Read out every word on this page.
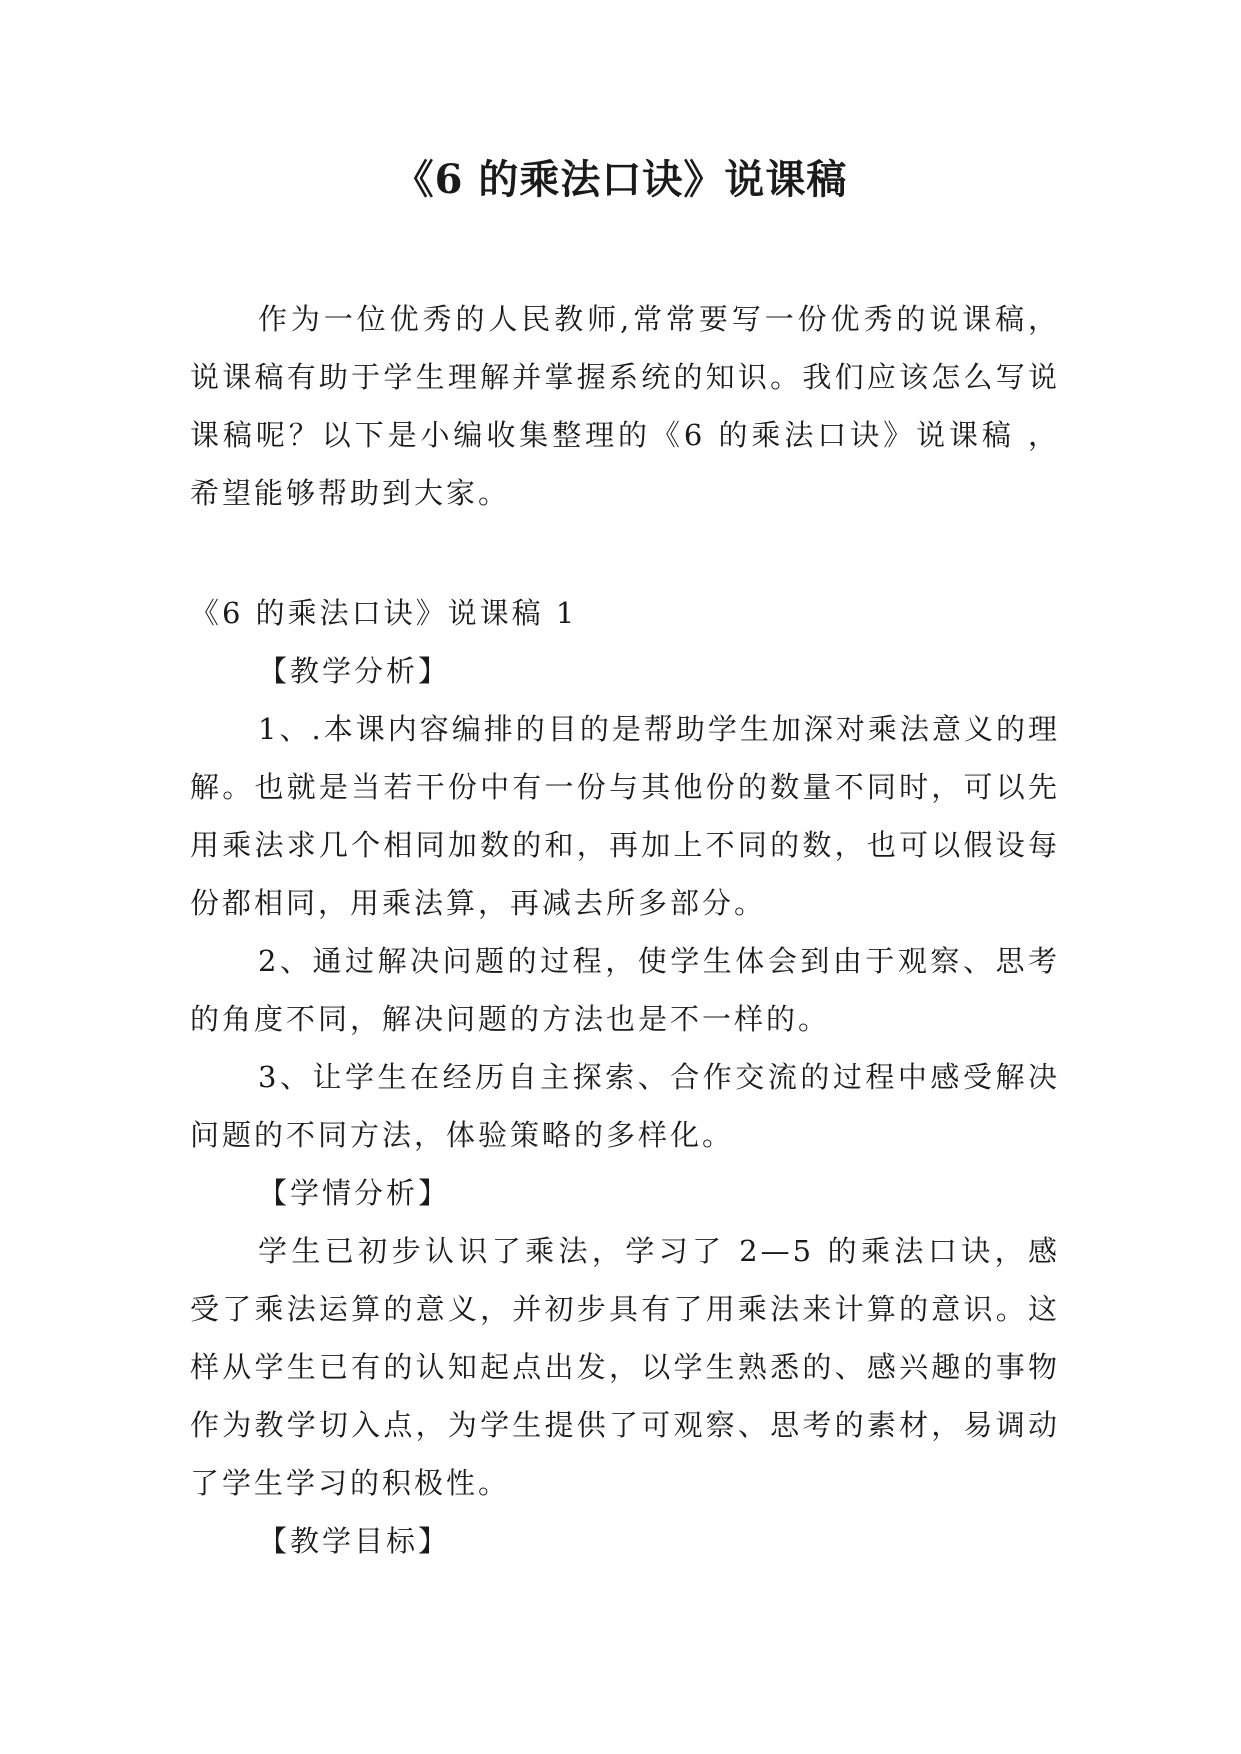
《6 的乘法口诀》说课稿

作为一位优秀的人民教师,常常要写一份优秀的说课稿，说课稿有助于学生理解并掌握系统的知识。我们应该怎么写说课稿呢？以下是小编收集整理的《6 的乘法口诀》说课稿 ，希望能够帮助到大家。

《6 的乘法口诀》说课稿 1

【教学分析】

1、.本课内容编排的目的是帮助学生加深对乘法意义的理解。也就是当若干份中有一份与其他份的数量不同时，可以先用乘法求几个相同加数的和，再加上不同的数，也可以假设每份都相同，用乘法算，再减去所多部分。

2、通过解决问题的过程，使学生体会到由于观察、思考的角度不同，解决问题的方法也是不一样的。

3、让学生在经历自主探索、合作交流的过程中感受解决问题的不同方法，体验策略的多样化。

【学情分析】

学生已初步认识了乘法，学习了 2—5 的乘法口诀，感受了乘法运算的意义，并初步具有了用乘法来计算的意识。这样从学生已有的认知起点出发，以学生熟悉的、感兴趣的事物作为教学切入点，为学生提供了可观察、思考的素材，易调动了学生学习的积极性。

【教学目标】
